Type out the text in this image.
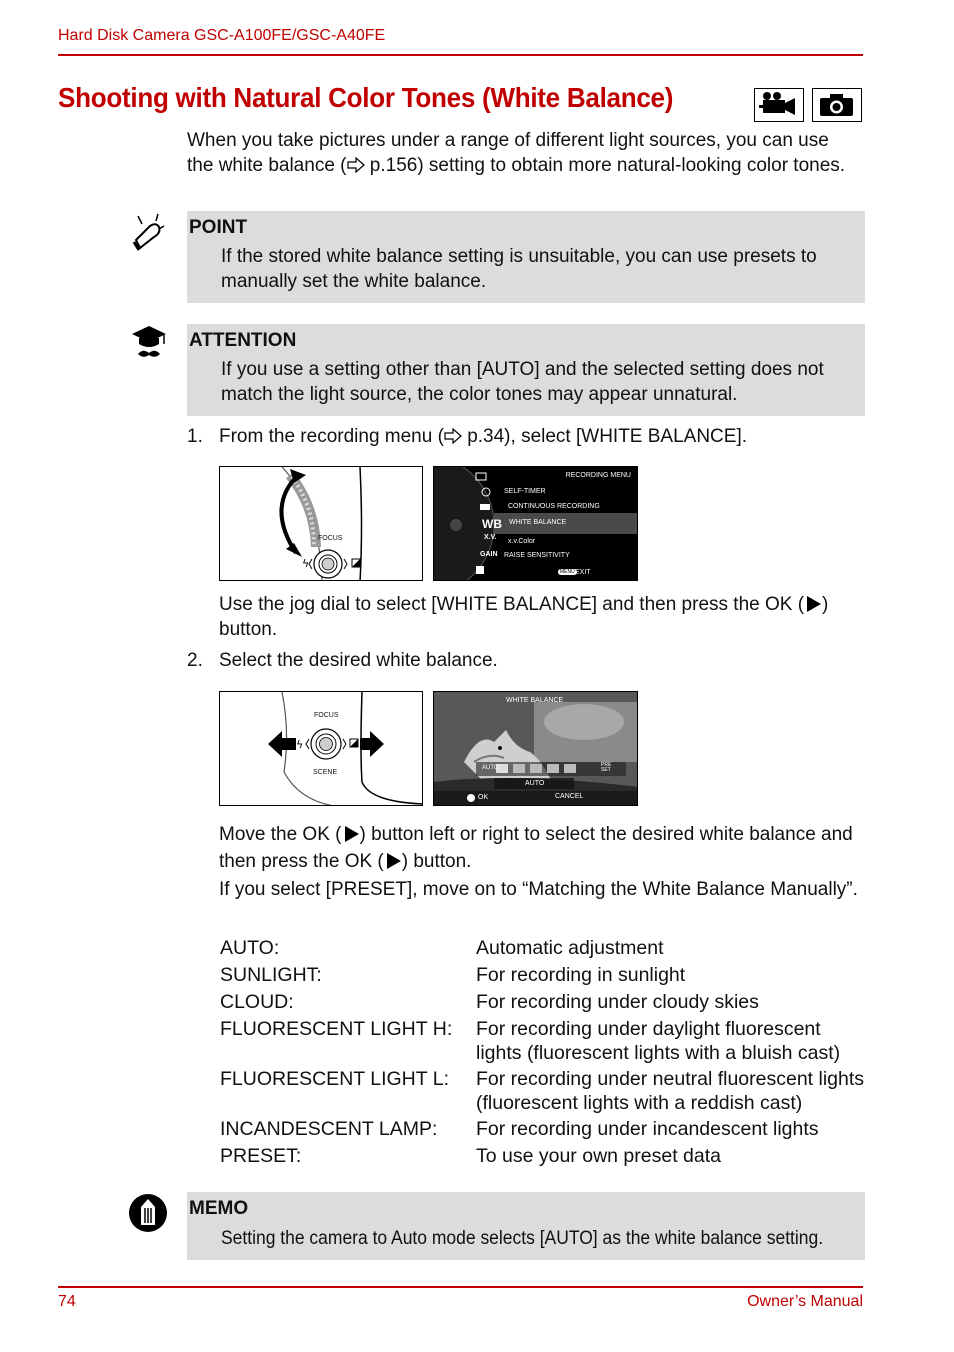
Hard Disk Camera GSC-A100FE/GSC-A40FE
Shooting with Natural Color Tones (White Balance)
When you take pictures under a range of different light sources, you can use the white balance ( p.156) setting to obtain more natural-looking color tones.
POINT
If the stored white balance setting is unsuitable, you can use presets to manually set the white balance.
ATTENTION
If you use a setting other than [AUTO] and the selected setting does not match the light source, the color tones may appear unnatural.
1. From the recording menu ( p.34), select [WHITE BALANCE].
ϟ
FOCUS
RECORDING MENU
SELF-TIMER
CONTINUOUS RECORDING
WB WHITE BALANCE
X.V.
x.v.Color
GAIN RAISE SENSITIVITY
MENU EXIT
Use the jog dial to select [WHITE BALANCE] and then press the OK ( ) button.
2. Select the desired white balance.
ϟ
FOCUS
SCENE
WHITE BALANCE
AUTO	PRE SET
AUTO
OK	CANCEL
Move the OK ( ) button left or right to select the desired white balance and then press the OK ( ) button.
If you select [PRESET], move on to “Matching the White Balance Manually”.
AUTO:	Automatic adjustment
SUNLIGHT:	For recording in sunlight
CLOUD:	For recording under cloudy skies
FLUORESCENT LIGHT H: For recording under daylight fluorescent lights (fluorescent lights with a bluish cast)
FLUORESCENT LIGHT L: For recording under neutral fluorescent lights (fluorescent lights with a reddish cast)
INCANDESCENT LAMP: For recording under incandescent lights
PRESET:	To use your own preset data
MEMO
Setting the camera to Auto mode selects [AUTO] as the white balance setting.
74	Owner’s Manual
